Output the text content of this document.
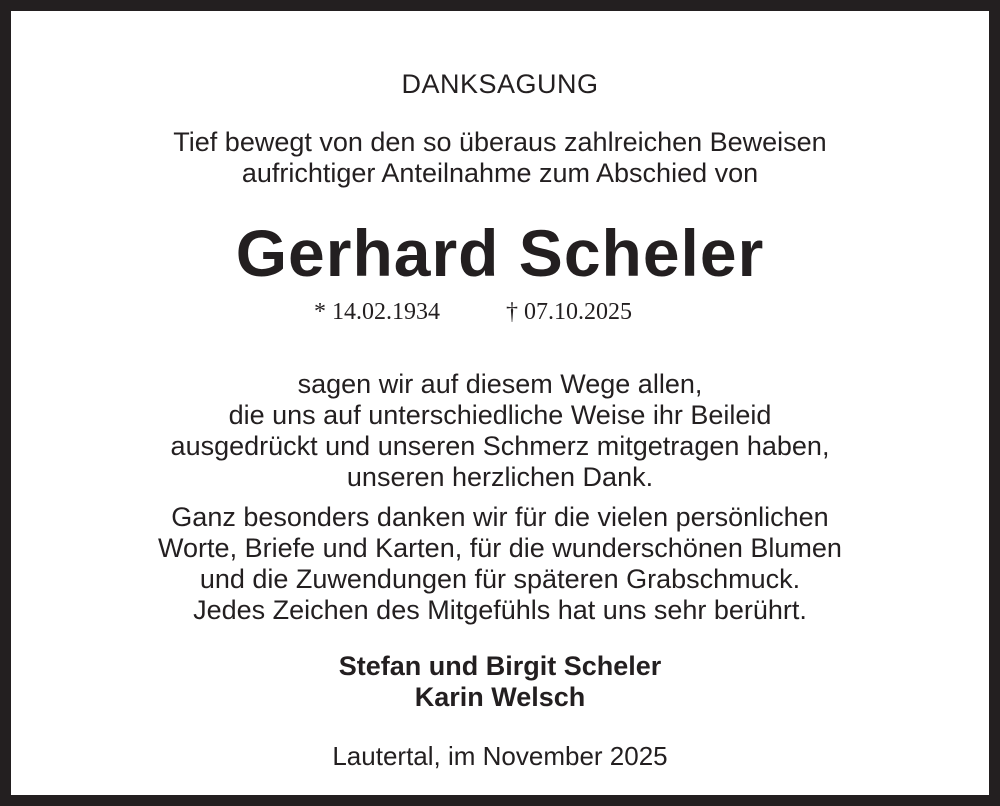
DANKSAGUNG
Tief bewegt von den so überaus zahlreichen Beweisen
aufrichtiger Anteilnahme zum Abschied von
Gerhard Scheler
* 14.02.1934	† 07.10.2025
sagen wir auf diesem Wege allen,
die uns auf unterschiedliche Weise ihr Beileid
ausgedrückt und unseren Schmerz mitgetragen haben,
unseren herzlichen Dank.
Ganz besonders danken wir für die vielen persönlichen
Worte, Briefe und Karten, für die wunderschönen Blumen
und die Zuwendungen für späteren Grabschmuck.
Jedes Zeichen des Mitgefühls hat uns sehr berührt.
Stefan und Birgit Scheler
Karin Welsch
Lautertal, im November 2025
